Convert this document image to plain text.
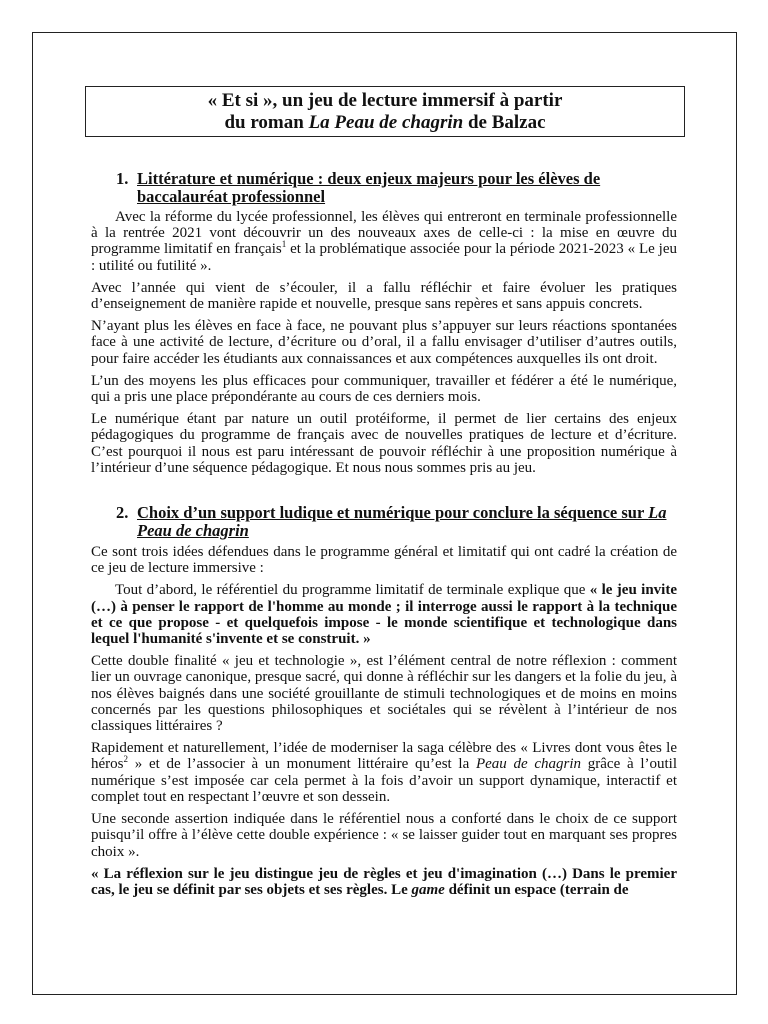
« Et si », un jeu de lecture immersif à partir
du roman La Peau de chagrin de Balzac
1. Littérature et numérique : deux enjeux majeurs pour les élèves de baccalauréat professionnel

Avec la réforme du lycée professionnel, les élèves qui entreront en terminale professionnelle à la rentrée 2021 vont découvrir un des nouveaux axes de celle-ci : la mise en œuvre du programme limitatif en français$^1$ et la problématique associée pour la période 2021-2023 « Le jeu : utilité ou futilité ».

Avec l’année qui vient de s’écouler, il a fallu réfléchir et faire évoluer les pratiques d’enseignement de manière rapide et nouvelle, presque sans repères et sans appuis concrets.

N’ayant plus les élèves en face à face, ne pouvant plus s’appuyer sur leurs réactions spontanées face à une activité de lecture, d’écriture ou d’oral, il a fallu envisager d’utiliser d’autres outils, pour faire accéder les étudiants aux connaissances et aux compétences auxquelles ils ont droit.

L’un des moyens les plus efficaces pour communiquer, travailler et fédérer a été le numérique, qui a pris une place prépondérante au cours de ces derniers mois.

Le numérique étant par nature un outil protéiforme, il permet de lier certains des enjeux pédagogiques du programme de français avec de nouvelles pratiques de lecture et d’écriture. C’est pourquoi il nous est paru intéressant de pouvoir réfléchir à une proposition numérique à l’intérieur d’une séquence pédagogique. Et nous nous sommes pris au jeu.

2. Choix d’un support ludique et numérique pour conclure la séquence sur La Peau de chagrin

Ce sont trois idées défendues dans le programme général et limitatif qui ont cadré la création de ce jeu de lecture immersive :

Tout d’abord, le référentiel du programme limitatif de terminale explique que « le jeu invite (…) à penser le rapport de l'homme au monde ; il interroge aussi le rapport à la technique et ce que propose - et quelquefois impose - le monde scientifique et technologique dans lequel l'humanité s'invente et se construit. »

Cette double finalité « jeu et technologie », est l’élément central de notre réflexion : comment lier un ouvrage canonique, presque sacré, qui donne à réfléchir sur les dangers et la folie du jeu, à nos élèves baignés dans une société grouillante de stimuli technologiques et de moins en moins concernés par les questions philosophiques et sociétales qui se révèlent à l’intérieur de nos classiques littéraires ?

Rapidement et naturellement, l’idée de moderniser la saga célèbre des « Livres dont vous êtes le héros$^2$ » et de l’associer à un monument littéraire qu’est la Peau de chagrin grâce à l’outil numérique s’est imposée car cela permet à la fois d’avoir un support dynamique, interactif et complet tout en respectant l’œuvre et son dessein.

Une seconde assertion indiquée dans le référentiel nous a conforté dans le choix de ce support puisqu’il offre à l’élève cette double expérience : « se laisser guider tout en marquant ses propres choix ».

« La réflexion sur le jeu distingue jeu de règles et jeu d'imagination (…) Dans le premier cas, le jeu se définit par ses objets et ses règles. Le game définit un espace (terrain de
